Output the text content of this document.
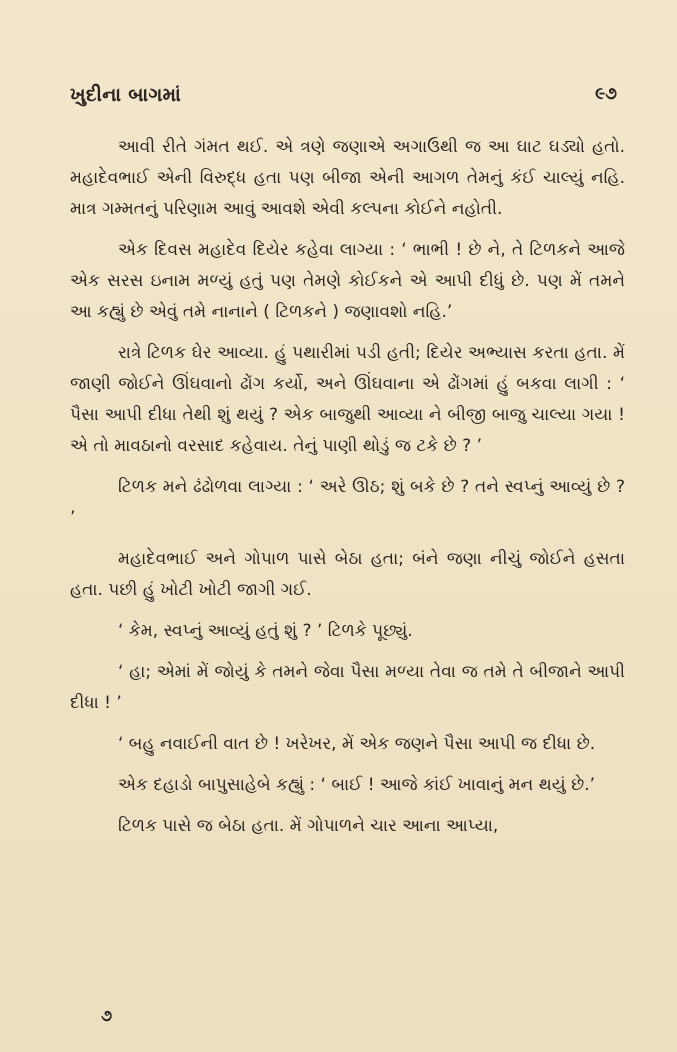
ખુદીના બાગમાં	૯૭

આવી રીતે ગંમત થઈ. એ ત્રણે જણાએ અગાઉથી જ આ ઘાટ ઘડ્યો હતો. મહાદેવભાઈ એની વિરુદ્ધ હતા પણ બીજા એની આગળ તેમનું કંઈ ચાલ્યું નહિ. માત્ર ગમ્મતનું પરિણામ આવું આવશે એવી કલ્પના કોઈને નહોતી.

એક દિવસ મહાદેવ દિયેર કહેવા લાગ્યા : ‘ ભાભી ! છે ને, તે ટિળકને આજે એક સરસ ઇનામ મળ્યું હતું પણ તેમણે કોઈકને એ આપી દીધું છે. પણ મેં તમને આ કહ્યું છે એવું તમે નાનાને ( ટિળકને ) જણાવશો નહિ.’

રાત્રે ટિળક ઘેર આવ્યા. હું પથારીમાં પડી હતી; દિયેર અભ્યાસ કરતા હતા. મેં જાણી જોઈને ઊંઘવાનો ઢોંગ કર્યો, અને ઊંઘવાના એ ઢોંગમાં હું બકવા લાગી : ‘ પૈસા આપી દીધા તેથી શું થયું ? એક બાજુથી આવ્યા ને બીજી બાજુ ચાલ્યા ગયા ! એ તો માવઠાનો વરસાદ કહેવાય. તેનું પાણી થોડું જ ટકે છે ? ’

ટિળક મને ઢંઢોળવા લાગ્યા : ‘ અરે ઊઠ; શું બકે છે ? તને સ્વપ્નું આવ્યું છે ? ’

મહાદેવભાઈ અને ગોપાળ પાસે બેઠા હતા; બંને જણા નીચું જોઈને હસતા હતા. પછી હું ખોટી ખોટી જાગી ગઈ.

‘ કેમ, સ્વપ્નું આવ્યું હતું શું ? ’ ટિળકે પૂછ્યું.

‘ હા; એમાં મેં જોયું કે તમને જેવા પૈસા મળ્યા તેવા જ તમે તે બીજાને આપી દીધા ! ’

‘ બહુ નવાઈની વાત છે ! ખરેખર, મેં એક જણને પૈસા આપી જ દીધા છે.

એક દહાડો બાપુસાહેબે કહ્યું : ‘ બાઈ ! આજે કાંઈ ખાવાનું મન થયું છે.’

ટિળક પાસે જ બેઠા હતા. મેં ગોપાળને ચાર આના આપ્યા,

૭
